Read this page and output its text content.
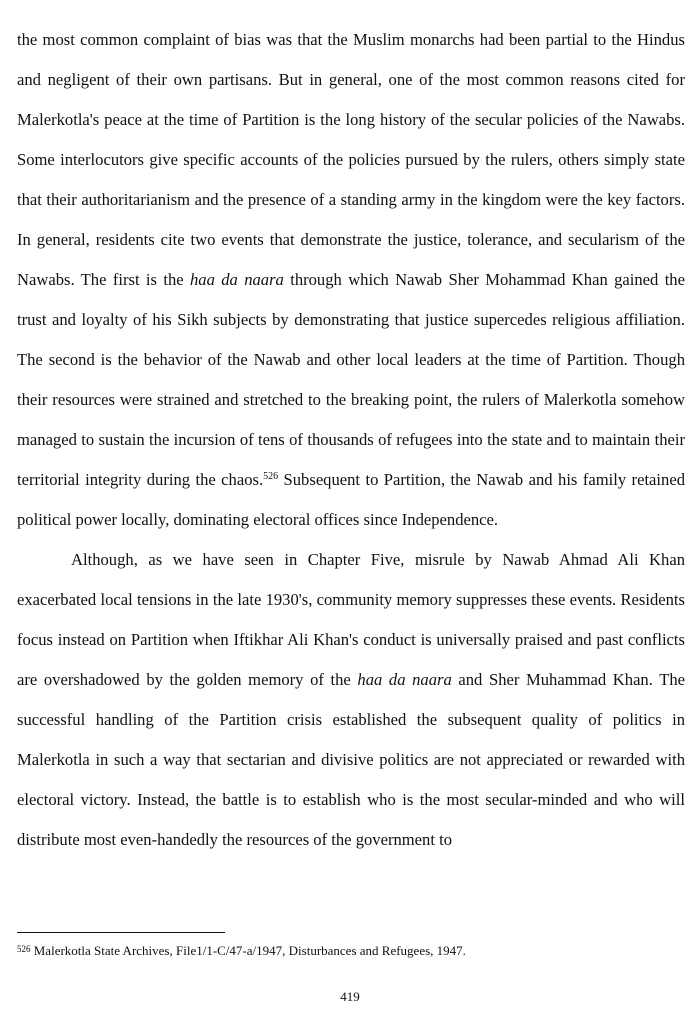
the most common complaint of bias was that the Muslim monarchs had been partial to the Hindus and negligent of their own partisans. But in general, one of the most common reasons cited for Malerkotla's peace at the time of Partition is the long history of the secular policies of the Nawabs. Some interlocutors give specific accounts of the policies pursued by the rulers, others simply state that their authoritarianism and the presence of a standing army in the kingdom were the key factors. In general, residents cite two events that demonstrate the justice, tolerance, and secularism of the Nawabs. The first is the haa da naara through which Nawab Sher Mohammad Khan gained the trust and loyalty of his Sikh subjects by demonstrating that justice supercedes religious affiliation. The second is the behavior of the Nawab and other local leaders at the time of Partition. Though their resources were strained and stretched to the breaking point, the rulers of Malerkotla somehow managed to sustain the incursion of tens of thousands of refugees into the state and to maintain their territorial integrity during the chaos.$^{526}$ Subsequent to Partition, the Nawab and his family retained political power locally, dominating electoral offices since Independence.

Although, as we have seen in Chapter Five, misrule by Nawab Ahmad Ali Khan exacerbated local tensions in the late 1930's, community memory suppresses these events. Residents focus instead on Partition when Iftikhar Ali Khan's conduct is universally praised and past conflicts are overshadowed by the golden memory of the haa da naara and Sher Muhammad Khan. The successful handling of the Partition crisis established the subsequent quality of politics in Malerkotla in such a way that sectarian and divisive politics are not appreciated or rewarded with electoral victory. Instead, the battle is to establish who is the most secular-minded and who will distribute most even-handedly the resources of the government to

$^{526}$ Malerkotla State Archives, File1/1-C/47-a/1947, Disturbances and Refugees, 1947.

419
